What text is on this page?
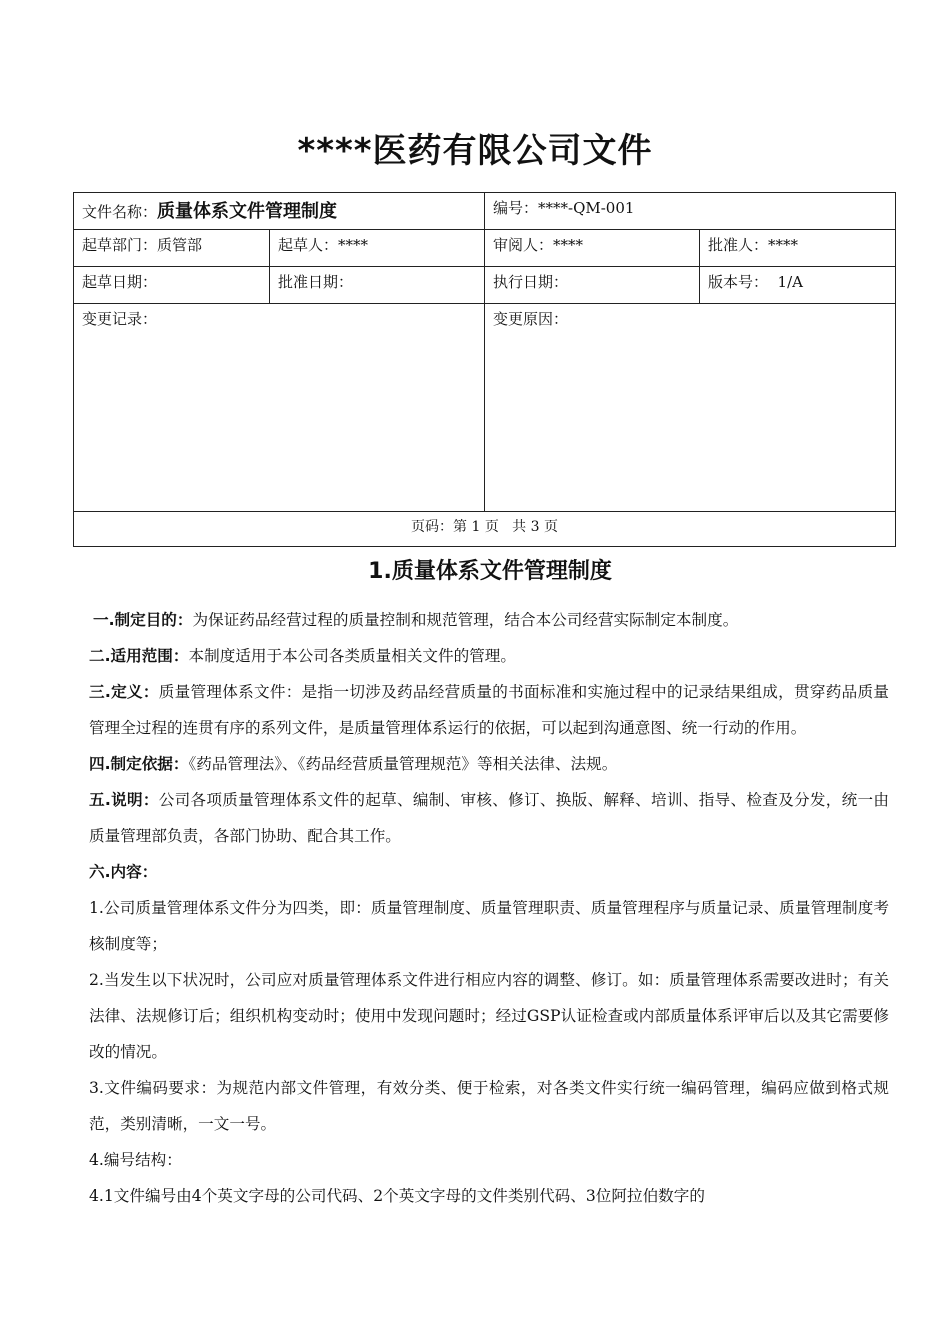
****医药有限公司文件
文件名称：质量体系文件管理制度		编号：****-QM-001	
起草部门：质管部	起草人：****	审阅人：****	批准人：****
起草日期：	批准日期：	执行日期：	版本号：  1/A
变更记录：		变更原因：	
页码：第 1 页   共 3 页			
1.质量体系文件管理制度

一.制定目的：为保证药品经营过程的质量控制和规范管理，结合本公司经营实际制定本制度。

二.适用范围：本制度适用于本公司各类质量相关文件的管理。

三.定义：质量管理体系文件：是指一切涉及药品经营质量的书面标准和实施过程中的记录结果组成，贯穿药品质量管理全过程的连贯有序的系列文件，是质量管理体系运行的依据，可以起到沟通意图、统一行动的作用。

四.制定依据：《药品管理法》、《药品经营质量管理规范》等相关法律、法规。

五.说明：公司各项质量管理体系文件的起草、编制、审核、修订、换版、解释、培训、指导、检查及分发，统一由质量管理部负责，各部门协助、配合其工作。

六.内容：

1.公司质量管理体系文件分为四类，即：质量管理制度、质量管理职责、质量管理程序与质量记录、质量管理制度考核制度等；

2.当发生以下状况时，公司应对质量管理体系文件进行相应内容的调整、修订。如：质量管理体系需要改进时；有关法律、法规修订后；组织机构变动时；使用中发现问题时；经过GSP认证检查或内部质量体系评审后以及其它需要修改的情况。

3.文件编码要求：为规范内部文件管理，有效分类、便于检索，对各类文件实行统一编码管理，编码应做到格式规范，类别清晰，一文一号。

4.编号结构：

4.1文件编号由4个英文字母的公司代码、2个英文字母的文件类别代码、3位阿拉伯数字的
